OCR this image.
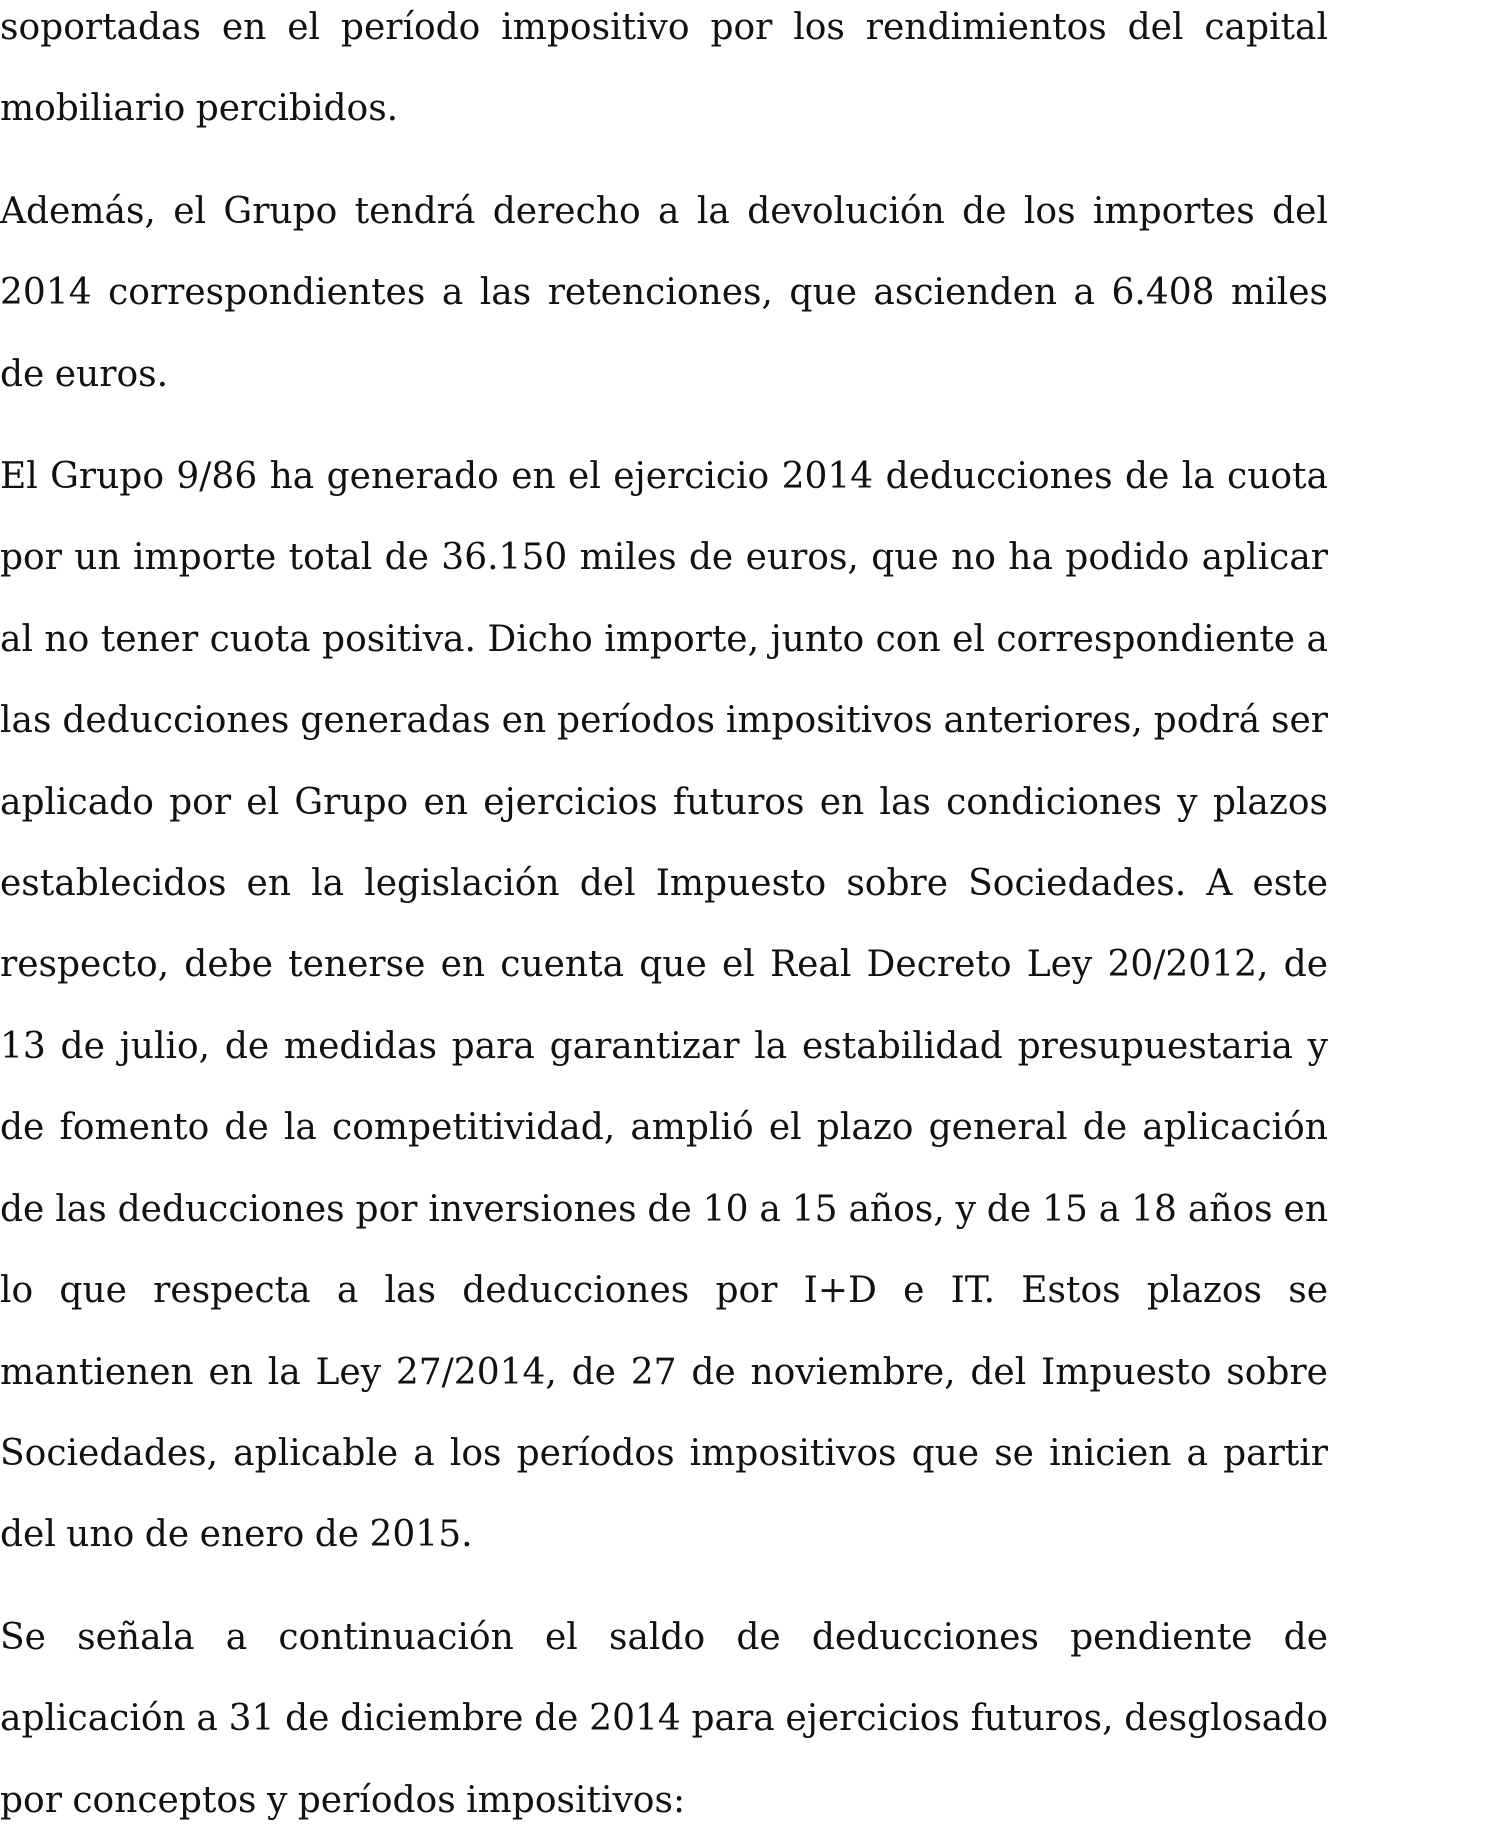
soportadas en el período impositivo por los rendimientos del capital mobiliario percibidos.

Además, el Grupo tendrá derecho a la devolución de los importes del 2014 correspondientes a las retenciones, que ascienden a 6.408 miles de euros.

El Grupo 9/86 ha generado en el ejercicio 2014 deducciones de la cuota por un importe total de 36.150 miles de euros, que no ha podido aplicar al no tener cuota positiva. Dicho importe, junto con el correspondiente a las deducciones generadas en períodos impositivos anteriores, podrá ser aplicado por el Grupo en ejercicios futuros en las condiciones y plazos establecidos en la legislación del Impuesto sobre Sociedades. A este respecto, debe tenerse en cuenta que el Real Decreto Ley 20/2012, de 13 de julio, de medidas para garantizar la estabilidad presupuestaria y de fomento de la competitividad, amplió el plazo general de aplicación de las deducciones por inversiones de 10 a 15 años, y de 15 a 18 años en lo que respecta a las deducciones por I+D e IT. Estos plazos se mantienen en la Ley 27/2014, de 27 de noviembre, del Impuesto sobre Sociedades, aplicable a los períodos impositivos que se inicien a partir del uno de enero de 2015.

Se señala a continuación el saldo de deducciones pendiente de aplicación a 31 de diciembre de 2014 para ejercicios futuros, desglosado por conceptos y períodos impositivos:
